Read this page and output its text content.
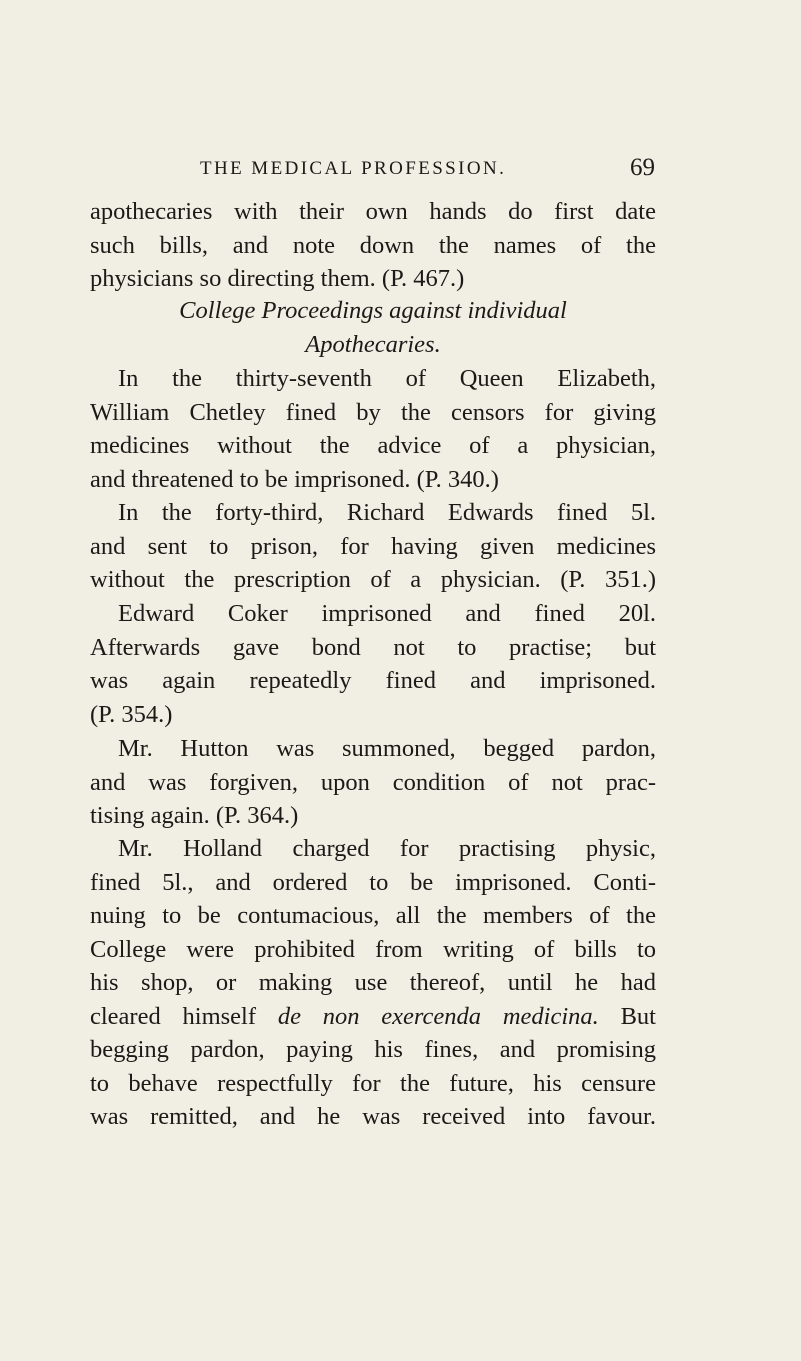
THE MEDICAL PROFESSION.	69
apothecaries with their own hands do first date
such bills, and note down the names of the
physicians so directing them. (P. 467.)
College Proceedings against individual
Apothecaries.
In the thirty-seventh of Queen Elizabeth,
William Chetley fined by the censors for giving
medicines without the advice of a physician,
and threatened to be imprisoned. (P. 340.)
In the forty-third, Richard Edwards fined 5l.
and sent to prison, for having given medicines
without the prescription of a physician. (P. 351.)
Edward Coker imprisoned and fined 20l.
Afterwards gave bond not to practise; but
was again repeatedly fined and imprisoned.
(P. 354.)
Mr. Hutton was summoned, begged pardon,
and was forgiven, upon condition of not prac-
tising again. (P. 364.)
Mr. Holland charged for practising physic,
fined 5l., and ordered to be imprisoned. Conti-
nuing to be contumacious, all the members of the
College were prohibited from writing of bills to
his shop, or making use thereof, until he had
cleared himself de non exercenda medicina. But
begging pardon, paying his fines, and promising
to behave respectfully for the future, his censure
was remitted, and he was received into favour.
